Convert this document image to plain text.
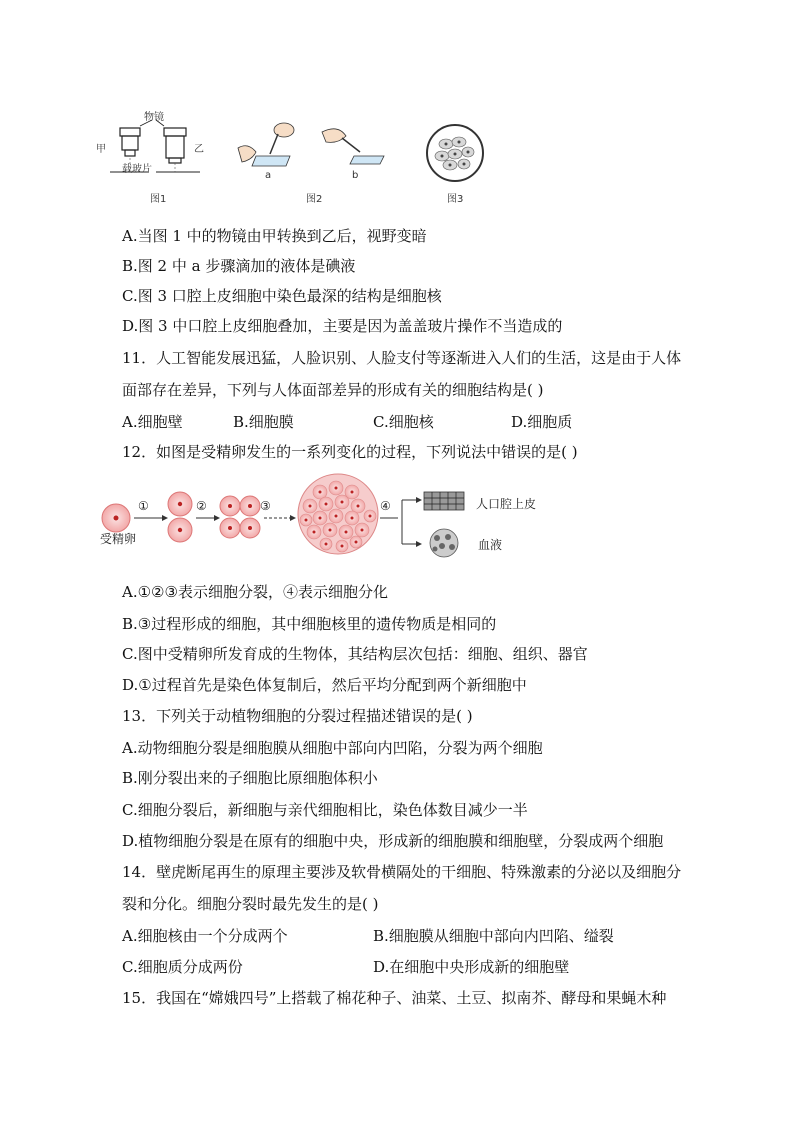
物镜
甲	乙
载玻片
图1
a	b
图2	图3
A.当图 1 中的物镜由甲转换到乙后，视野变暗
B.图 2 中 a 步骤滴加的液体是碘液
C.图 3 口腔上皮细胞中染色最深的结构是细胞核
D.图 3 中口腔上皮细胞叠加，主要是因为盖盖玻片操作不当造成的
11．人工智能发展迅猛，人脸识别、人脸支付等逐渐进入人们的生活，这是由于人体
面部存在差异，下列与人体面部差异的形成有关的细胞结构是( )
A.细胞壁	B.细胞膜	C.细胞核	D.细胞质
12．如图是受精卵发生的一系列变化的过程，下列说法中错误的是( )
受精卵
①	②	③	④	人口腔上皮
血液
A.①②③表示细胞分裂，④表示细胞分化
B.③过程形成的细胞，其中细胞核里的遗传物质是相同的
C.图中受精卵所发育成的生物体，其结构层次包括：细胞、组织、器官
D.①过程首先是染色体复制后，然后平均分配到两个新细胞中
13．下列关于动植物细胞的分裂过程描述错误的是( )
A.动物细胞分裂是细胞膜从细胞中部向内凹陷，分裂为两个细胞
B.刚分裂出来的子细胞比原细胞体积小
C.细胞分裂后，新细胞与亲代细胞相比，染色体数目减少一半
D.植物细胞分裂是在原有的细胞中央，形成新的细胞膜和细胞壁，分裂成两个细胞
14．壁虎断尾再生的原理主要涉及软骨横隔处的干细胞、特殊激素的分泌以及细胞分
裂和分化。细胞分裂时最先发生的是( )
A.细胞核由一个分成两个	B.细胞膜从细胞中部向内凹陷、缢裂
C.细胞质分成两份	D.在细胞中央形成新的细胞壁
15．我国在“嫦娥四号”上搭载了棉花种子、油菜、土豆、拟南芥、酵母和果蝇木种
